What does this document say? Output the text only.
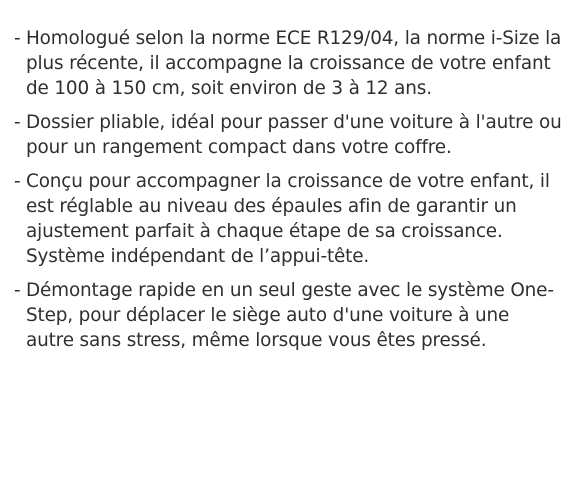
- Homologué selon la norme ECE R129/04, la norme i-Size la plus récente, il accompagne la croissance de votre enfant de 100 à 150 cm, soit environ de 3 à 12 ans.
- Dossier pliable, idéal pour passer d'une voiture à l'autre ou pour un rangement compact dans votre coffre.
- Conçu pour accompagner la croissance de votre enfant, il est réglable au niveau des épaules afin de garantir un ajustement parfait à chaque étape de sa croissance. Système indépendant de l’appui-tête.
- Démontage rapide en un seul geste avec le système One-Step, pour déplacer le siège auto d'une voiture à une autre sans stress, même lorsque vous êtes pressé.
